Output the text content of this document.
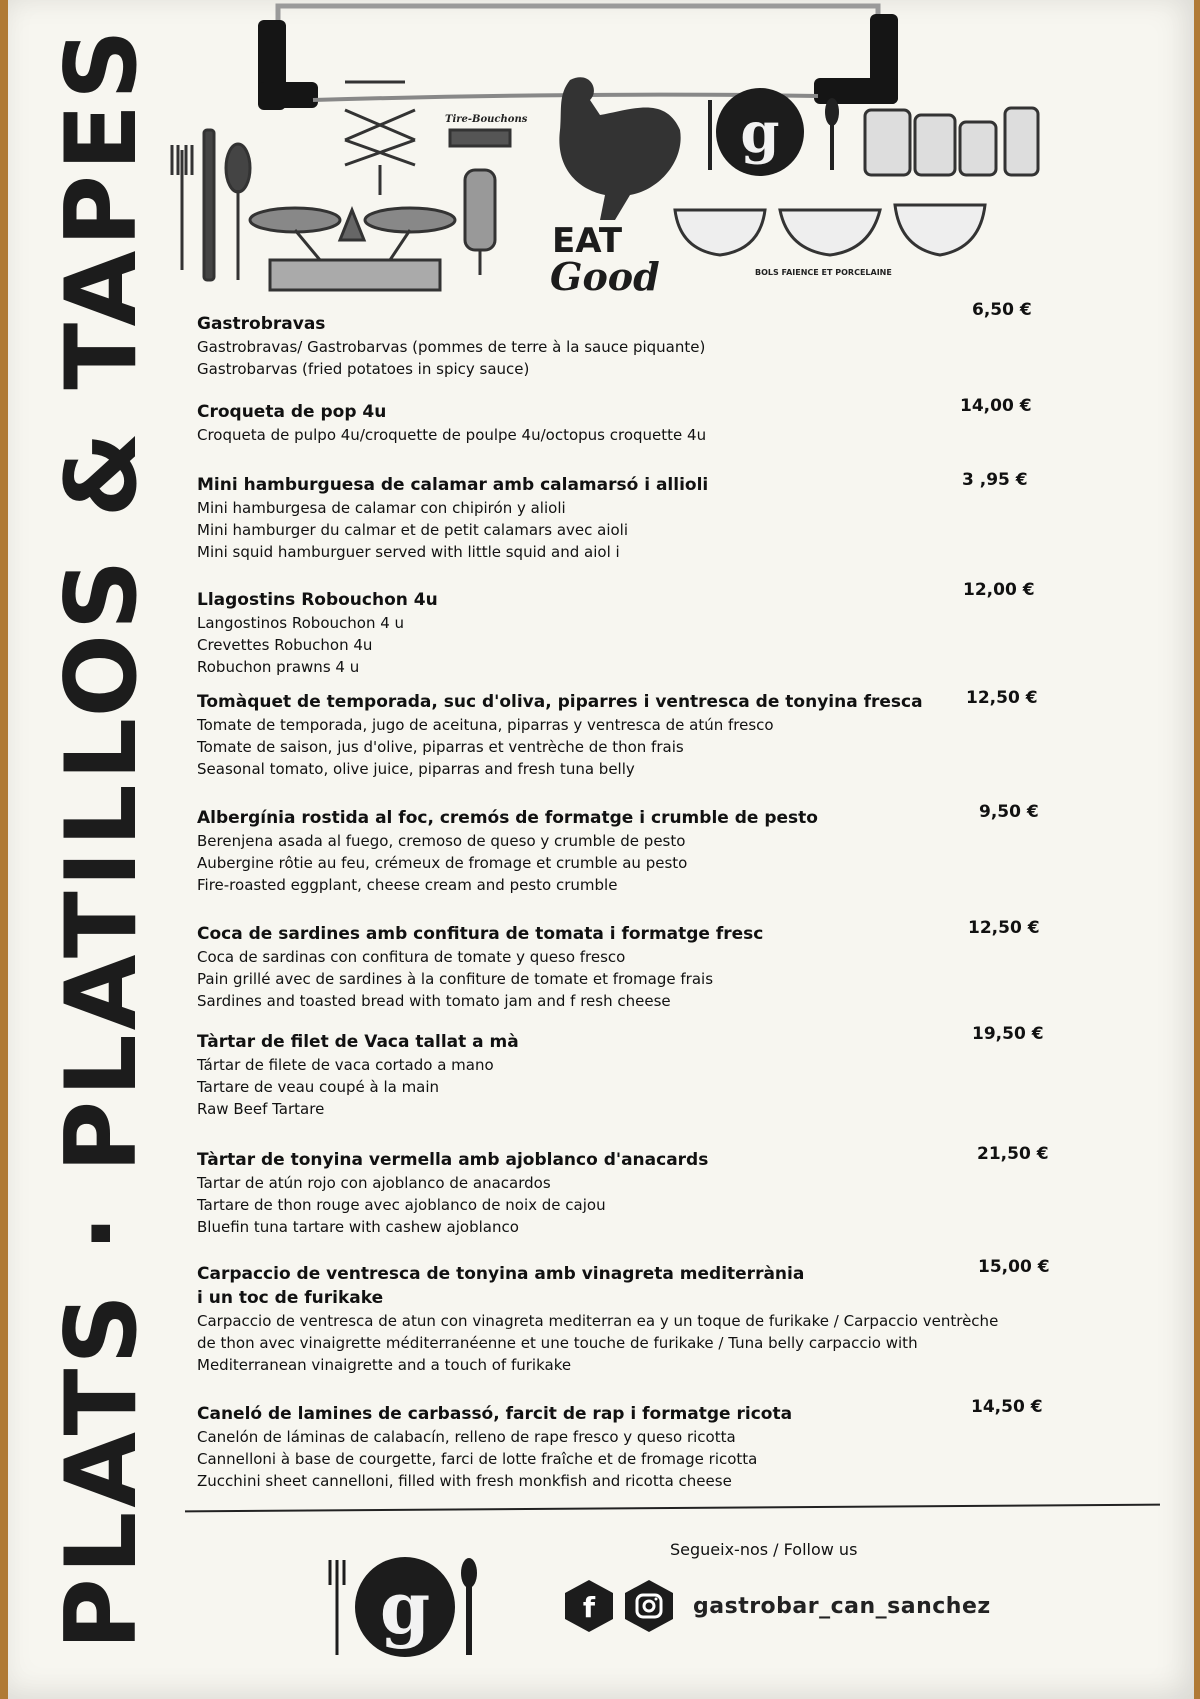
PLATS · PLATILLOS & TAPES	Tire-Bouchons
EAT
Good
g
BOLS FAIENCE ET PORCELAINE
Gastrobravas
Gastrobravas/ Gastrobarvas (pommes de terre à la sauce piquante)
Gastrobarvas (fried potatoes in spicy sauce)
6,50 €
Croqueta de pop 4u
Croqueta de pulpo 4u/croquette de poulpe 4u/octopus croquette 4u
14,00 €
Mini hamburguesa de calamar amb calamarsó i allioli
Mini hamburgesa de calamar con chipirón y alioli
Mini hamburger du calmar et de petit calamars avec aioli
Mini squid hamburguer served with little squid and aiol i
3 ,95 €
Llagostins Robouchon 4u
Langostinos Robouchon 4 u
Crevettes Robuchon 4u
Robuchon prawns 4 u
12,00 €
Tomàquet de temporada, suc d'oliva, piparres i ventresca de tonyina fresca
Tomate de temporada, jugo de aceituna, piparras y ventresca de atún fresco
Tomate de saison, jus d'olive, piparras et ventrèche de thon frais
Seasonal tomato, olive juice, piparras and fresh tuna belly
12,50 €
Albergínia rostida al foc, cremós de formatge i crumble de pesto
Berenjena asada al fuego, cremoso de queso y crumble de pesto
Aubergine rôtie au feu, crémeux de fromage et crumble au pesto
Fire-roasted eggplant, cheese cream and pesto crumble
9,50 €
Coca de sardines amb confitura de tomata i formatge fresc
Coca de sardinas con confitura de tomate y queso fresco
Pain grillé avec de sardines à la confiture de tomate et fromage frais
Sardines and toasted bread with tomato jam and f resh cheese
12,50 €
Tàrtar de filet de Vaca tallat a mà
Tártar de filete de vaca cortado a mano
Tartare de veau coupé à la main
Raw Beef Tartare
19,50 €
Tàrtar de tonyina vermella amb ajoblanco d'anacards
Tartar de atún rojo con ajoblanco de anacardos
Tartare de thon rouge avec ajoblanco de noix de cajou
Bluefin tuna tartare with cashew ajoblanco
21,50 €
Carpaccio de ventresca de tonyina amb vinagreta mediterrània
i un toc de furikake
Carpaccio de ventresca de atun con vinagreta mediterran ea y un toque de furikake / Carpaccio ventrèche
de thon avec vinaigrette méditerranéenne et une touche de furikake / Tuna belly carpaccio with
Mediterranean vinaigrette and a touch of furikake
15,00 €
Caneló de lamines de carbassó, farcit de rap i formatge ricota
Canelón de láminas de calabacín, relleno de rape fresco y queso ricotta
Cannelloni à base de courgette, farci de lotte fraîche et de fromage ricotta
Zucchini sheet cannelloni, filled with fresh monkfish and ricotta cheese
14,50 €
g
Segueix-nos / Follow us
f	gastrobar_can_sanchez
